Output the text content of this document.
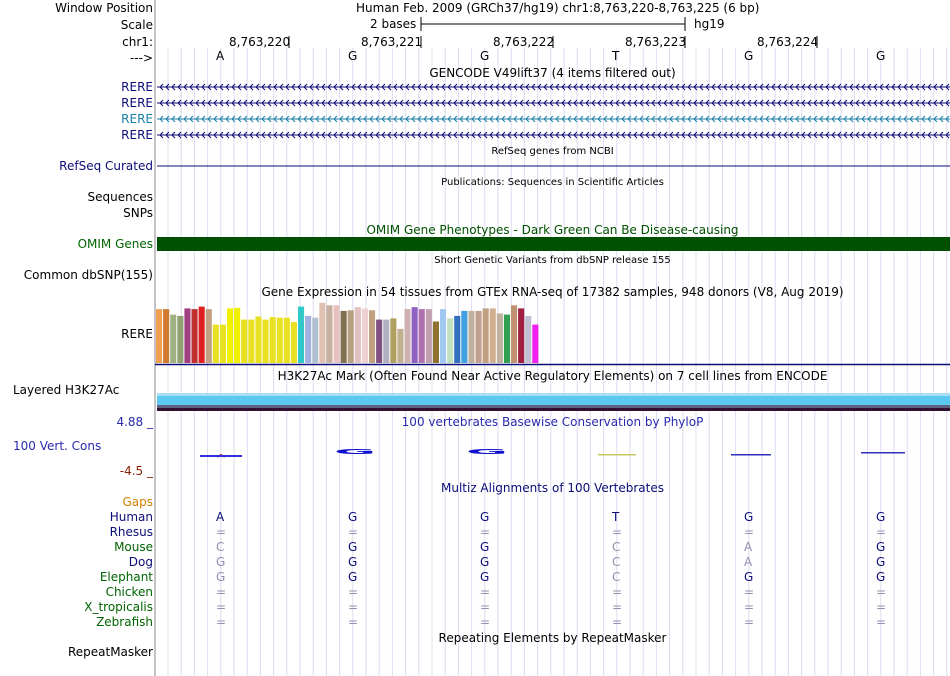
G	G
Window Position	Human Feb. 2009 (GRCh37/hg19) chr1:8,763,220-8,763,225 (6 bp)
Scale	2 bases	hg19
chr1:	8,763,220	8,763,221	8,763,222	8,763,223	8,763,224
--->	A	G	G	T	G	G
GENCODE V49lift37 (4 items filtered out)
RERE
RERE
RERE
RERE
RefSeq genes from NCBI
RefSeq Curated
Publications: Sequences in Scientific Articles
Sequences
SNPs
OMIM Gene Phenotypes - Dark Green Can Be Disease-causing
OMIM Genes
Short Genetic Variants from dbSNP release 155
Common dbSNP(155)
Gene Expression in 54 tissues from GTEx RNA-seq of 17382 samples, 948 donors (V8, Aug 2019)
RERE
H3K27Ac Mark (Often Found Near Active Regulatory Elements) on 7 cell lines from ENCODE
Layered H3K27Ac
100 vertebrates Basewise Conservation by PhyloP
4.88 _
100 Vert. Cons
-4.5 _
Multiz Alignments of 100 Vertebrates
Gaps
Human	A	G	G	T	G	G
Rhesus	=	=	=	=	=	=
Mouse	C	G	G	C	A	G
Dog	G	G	G	C	A	G
Elephant	G	G	G	C	G	G
Chicken	=	=	=	=	=	=
X_tropicalis	=	=	=	=	=	=
Zebrafish	=	=	=	=	=	=
Repeating Elements by RepeatMasker
RepeatMasker
